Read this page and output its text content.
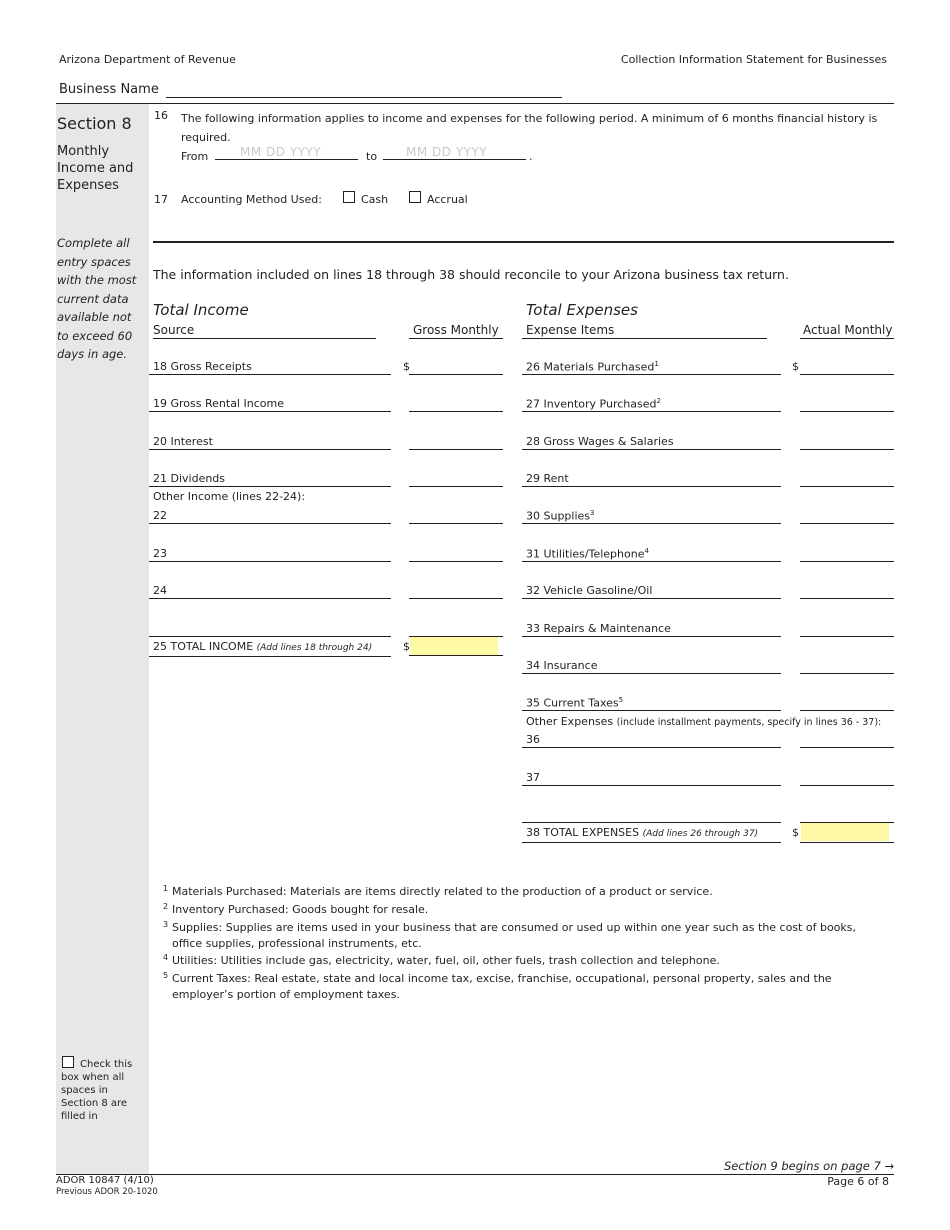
Arizona Department of Revenue	Collection Information Statement for Businesses
Business Name
Section 8
Monthly Income and Expenses
Complete all entry spaces with the most current data available not to exceed 60 days in age.
Check this box when all spaces in Section 8 are filled in
16 The following information applies to income and expenses for the following period. A minimum of 6 months financial history is required.
From	MM DD YYYY	to MM DD YYYY	.
17 Accounting Method Used:	Cash	Accrual
The information included on lines 18 through 38 should reconcile to your Arizona business tax return.
Total Income
Source	Gross Monthly
18 Gross Receipts	$
19 Gross Rental Income
20 Interest
21 Dividends
22
23
24
Other Income (lines 22-24):
25 TOTAL INCOME (Add lines 18 through 24)	$
Total Expenses
Expense Items	Actual Monthly
26 Materials Purchased$^1$	$
27 Inventory Purchased$^2$
28 Gross Wages & Salaries
29 Rent
30 Supplies$^3$
31 Utilities/Telephone$^4$
32 Vehicle Gasoline/Oil
33 Repairs & Maintenance
34 Insurance
35 Current Taxes$^5$
36
37
Other Expenses (include installment payments, specify in lines 36 - 37):
38 TOTAL EXPENSES (Add lines 26 through 37)	$
1 Materials Purchased: Materials are items directly related to the production of a product or service.
2 Inventory Purchased: Goods bought for resale.
3 Supplies: Supplies are items used in your business that are consumed or used up within one year such as the cost of books, office supplies, professional instruments, etc.
4 Utilities: Utilities include gas, electricity, water, fuel, oil, other fuels, trash collection and telephone.
5 Current Taxes: Real estate, state and local income tax, excise, franchise, occupational, personal property, sales and the employer’s portion of employment taxes.
Section 9 begins on page 7 →
ADOR 10847 (4/10)
Previous ADOR 20-1020
Page 6 of 8
